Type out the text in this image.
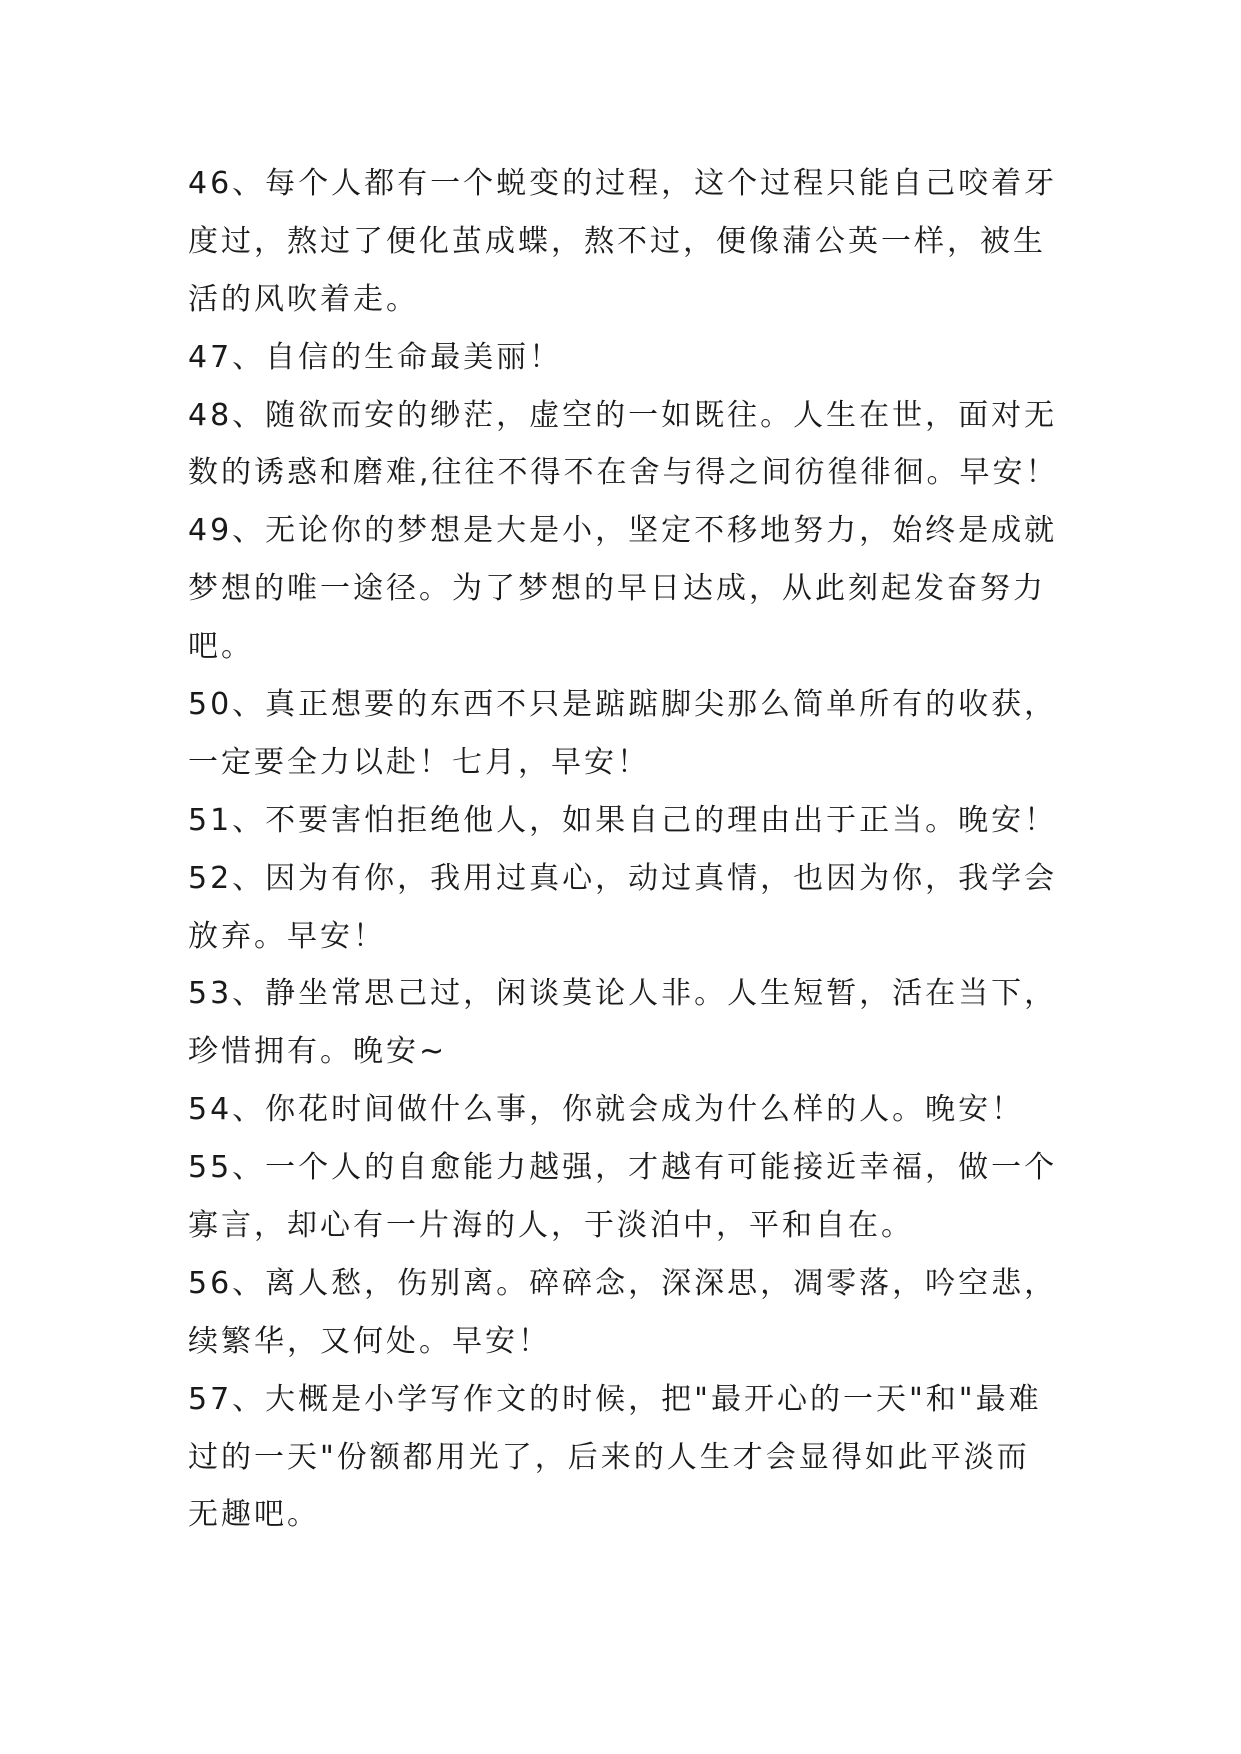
46、每个人都有一个蜕变的过程，这个过程只能自己咬着牙
度过，熬过了便化茧成蝶，熬不过，便像蒲公英一样，被生
活的风吹着走。

47、自信的生命最美丽！

48、随欲而安的缈茫，虚空的一如既往。人生在世，面对无
数的诱惑和磨难,往往不得不在舍与得之间彷徨徘徊。早安！

49、无论你的梦想是大是小，坚定不移地努力，始终是成就
梦想的唯一途径。为了梦想的早日达成，从此刻起发奋努力
吧。

50、真正想要的东西不只是踮踮脚尖那么简单所有的收获，
一定要全力以赴！七月，早安！

51、不要害怕拒绝他人，如果自己的理由出于正当。晚安！

52、因为有你，我用过真心，动过真情，也因为你，我学会
放弃。早安！

53、静坐常思己过，闲谈莫论人非。人生短暂，活在当下，
珍惜拥有。晚安~

54、你花时间做什么事，你就会成为什么样的人。晚安！

55、一个人的自愈能力越强，才越有可能接近幸福，做一个
寡言，却心有一片海的人，于淡泊中，平和自在。

56、离人愁，伤别离。碎碎念，深深思，凋零落，吟空悲，
续繁华，又何处。早安！

57、大概是小学写作文的时候，把"最开心的一天"和"最难
过的一天"份额都用光了，后来的人生才会显得如此平淡而
无趣吧。
